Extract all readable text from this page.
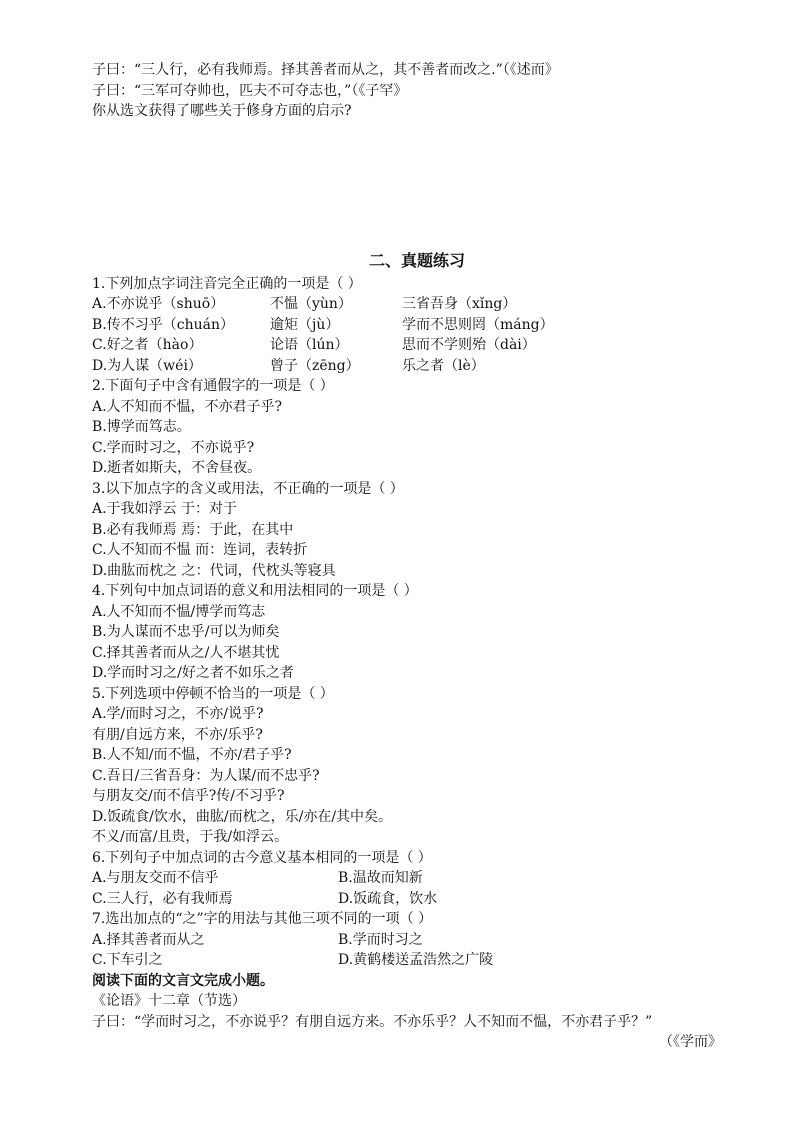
子曰：“三人行，必有我师焉。择其善者而从之，其不善者而改之.”（《述而》
子曰：“三军可夺帅也，匹夫不可夺志也，”（《子罕》
你从选文获得了哪些关于修身方面的启示?
二、真题练习
1.下列加点字词注音完全正确的一项是（ ）
A.不亦说乎（shuō）	不愠（yùn）	三省吾身（xǐng）
B.传不习乎（chuán）	逾矩（jù）	学而不思则罔（máng）
C.好之者（hào）	论语（lún）	思而不学则殆（dài）
D.为人谋（wéi）	曾子（zēng）	乐之者（lè）
2.下面句子中含有通假字的一项是（ ）
A.人不知而不愠，不亦君子乎?
B.博学而笃志。
C.学而时习之，不亦说乎?
D.逝者如斯夫，不舍昼夜。
3.以下加点字的含义或用法，不正确的一项是（ ）
A.于我如浮云 于：对于
B.必有我师焉 焉：于此，在其中
C.人不知而不愠 而：连词，表转折
D.曲肱而枕之 之：代词，代枕头等寝具
4.下列句中加点词语的意义和用法相同的一项是（ ）
A.人不知而不愠/博学而笃志
B.为人谋而不忠乎/可以为师矣
C.择其善者而从之/人不堪其忧
D.学而时习之/好之者不如乐之者
5.下列选项中停顿不恰当的一项是（ ）
A.学/而时习之，不亦/说乎?
有朋/自远方来，不亦/乐乎?
B.人不知/而不愠，不亦/君子乎?
C.吾日/三省吾身：为人谋/而不忠乎?
与朋友交/而不信乎?传/不习乎?
D.饭疏食/饮水，曲肱/而枕之，乐/亦在/其中矣。
不义/而富/且贵，于我/如浮云。
6.下列句子中加点词的古今意义基本相同的一项是（ ）
A.与朋友交而不信乎	B.温故而知新
C.三人行，必有我师焉	D.饭疏食，饮水
7.选出加点的“之”字的用法与其他三项不同的一项（ ）
A.择其善者而从之	B.学而时习之
C.下车引之	D.黄鹤楼送孟浩然之广陵
阅读下面的文言文完成小题。
《论语》十二章（节选）
子曰：“学而时习之，不亦说乎？有朋自远方来。不亦乐乎？人不知而不愠，不亦君子乎？”
（《学而》
